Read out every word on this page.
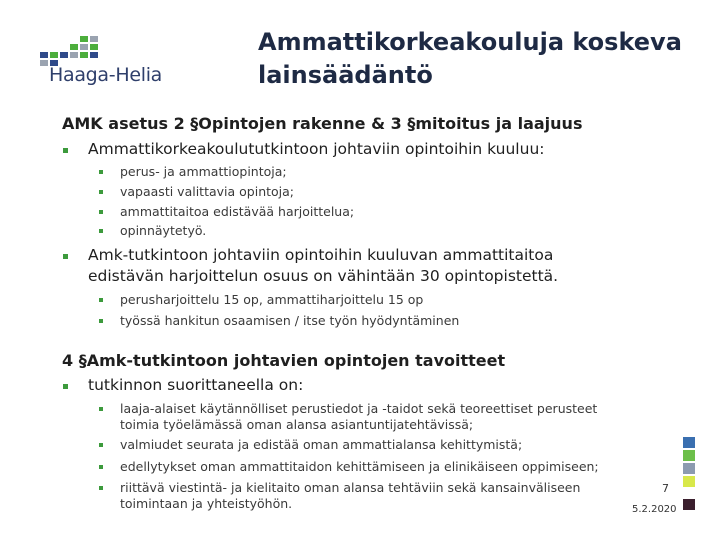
Haaga-Helia
Ammattikorkeakouluja koskeva
lainsäädäntö
AMK asetus 2 §Opintojen rakenne & 3 §mitoitus ja laajuus
Ammattikorkeakoulututkintoon johtaviin opintoihin kuuluu:
perus- ja ammattiopintoja;
vapaasti valittavia opintoja;
ammattitaitoa edistävää harjoittelua;
opinnäytetyö.
Amk-tutkintoon johtaviin opintoihin kuuluvan ammattitaitoa
edistävän harjoittelun osuus on vähintään 30 opintopistettä.
perusharjoittelu 15 op, ammattiharjoittelu 15 op
työssä hankitun osaamisen / itse työn hyödyntäminen
4 §Amk-tutkintoon johtavien opintojen tavoitteet
tutkinnon suorittaneella on:
laaja-alaiset käytännölliset perustiedot ja -taidot sekä teoreettiset perusteet
toimia työelämässä oman alansa asiantuntijatehtävissä;
valmiudet seurata ja edistää oman ammattialansa kehittymistä;
edellytykset oman ammattitaidon kehittämiseen ja elinikäiseen oppimiseen;
riittävä viestintä- ja kielitaito oman alansa tehtäviin sekä kansainväliseen
toimintaan ja yhteistyöhön.
7
5.2.2020
